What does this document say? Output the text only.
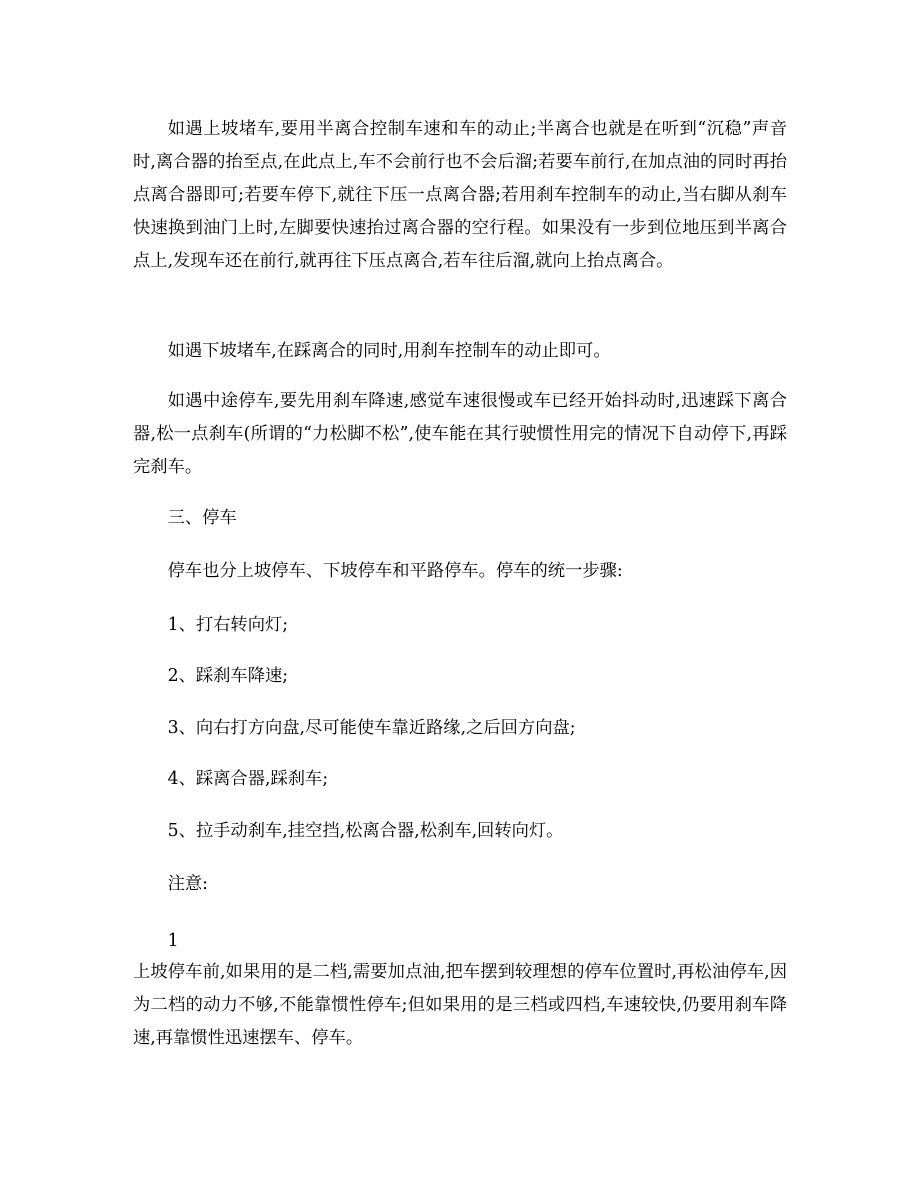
如遇上坡堵车,要用半离合控制车速和车的动止;半离合也就是在听到“沉稳”声音时,离合器的抬至点,在此点上,车不会前行也不会后溜;若要车前行,在加点油的同时再抬点离合器即可;若要车停下,就往下压一点离合器;若用刹车控制车的动止,当右脚从刹车快速换到油门上时,左脚要快速抬过离合器的空行程。如果没有一步到位地压到半离合点上,发现车还在前行,就再往下压点离合,若车往后溜,就向上抬点离合。

如遇下坡堵车,在踩离合的同时,用刹车控制车的动止即可。

如遇中途停车,要先用刹车降速,感觉车速很慢或车已经开始抖动时,迅速踩下离合器,松一点刹车(所谓的“力松脚不松”,使车能在其行驶惯性用完的情况下自动停下,再踩完刹车。

三、停车

停车也分上坡停车、下坡停车和平路停车。停车的统一步骤:

1、打右转向灯;

2、踩刹车降速;

3、向右打方向盘,尽可能使车靠近路缘,之后回方向盘;

4、踩离合器,踩刹车;

5、拉手动刹车,挂空挡,松离合器,松刹车,回转向灯。

注意:

1

上坡停车前,如果用的是二档,需要加点油,把车摆到较理想的停车位置时,再松油停车,因为二档的动力不够,不能靠惯性停车;但如果用的是三档或四档,车速较快,仍要用刹车降速,再靠惯性迅速摆车、停车。
